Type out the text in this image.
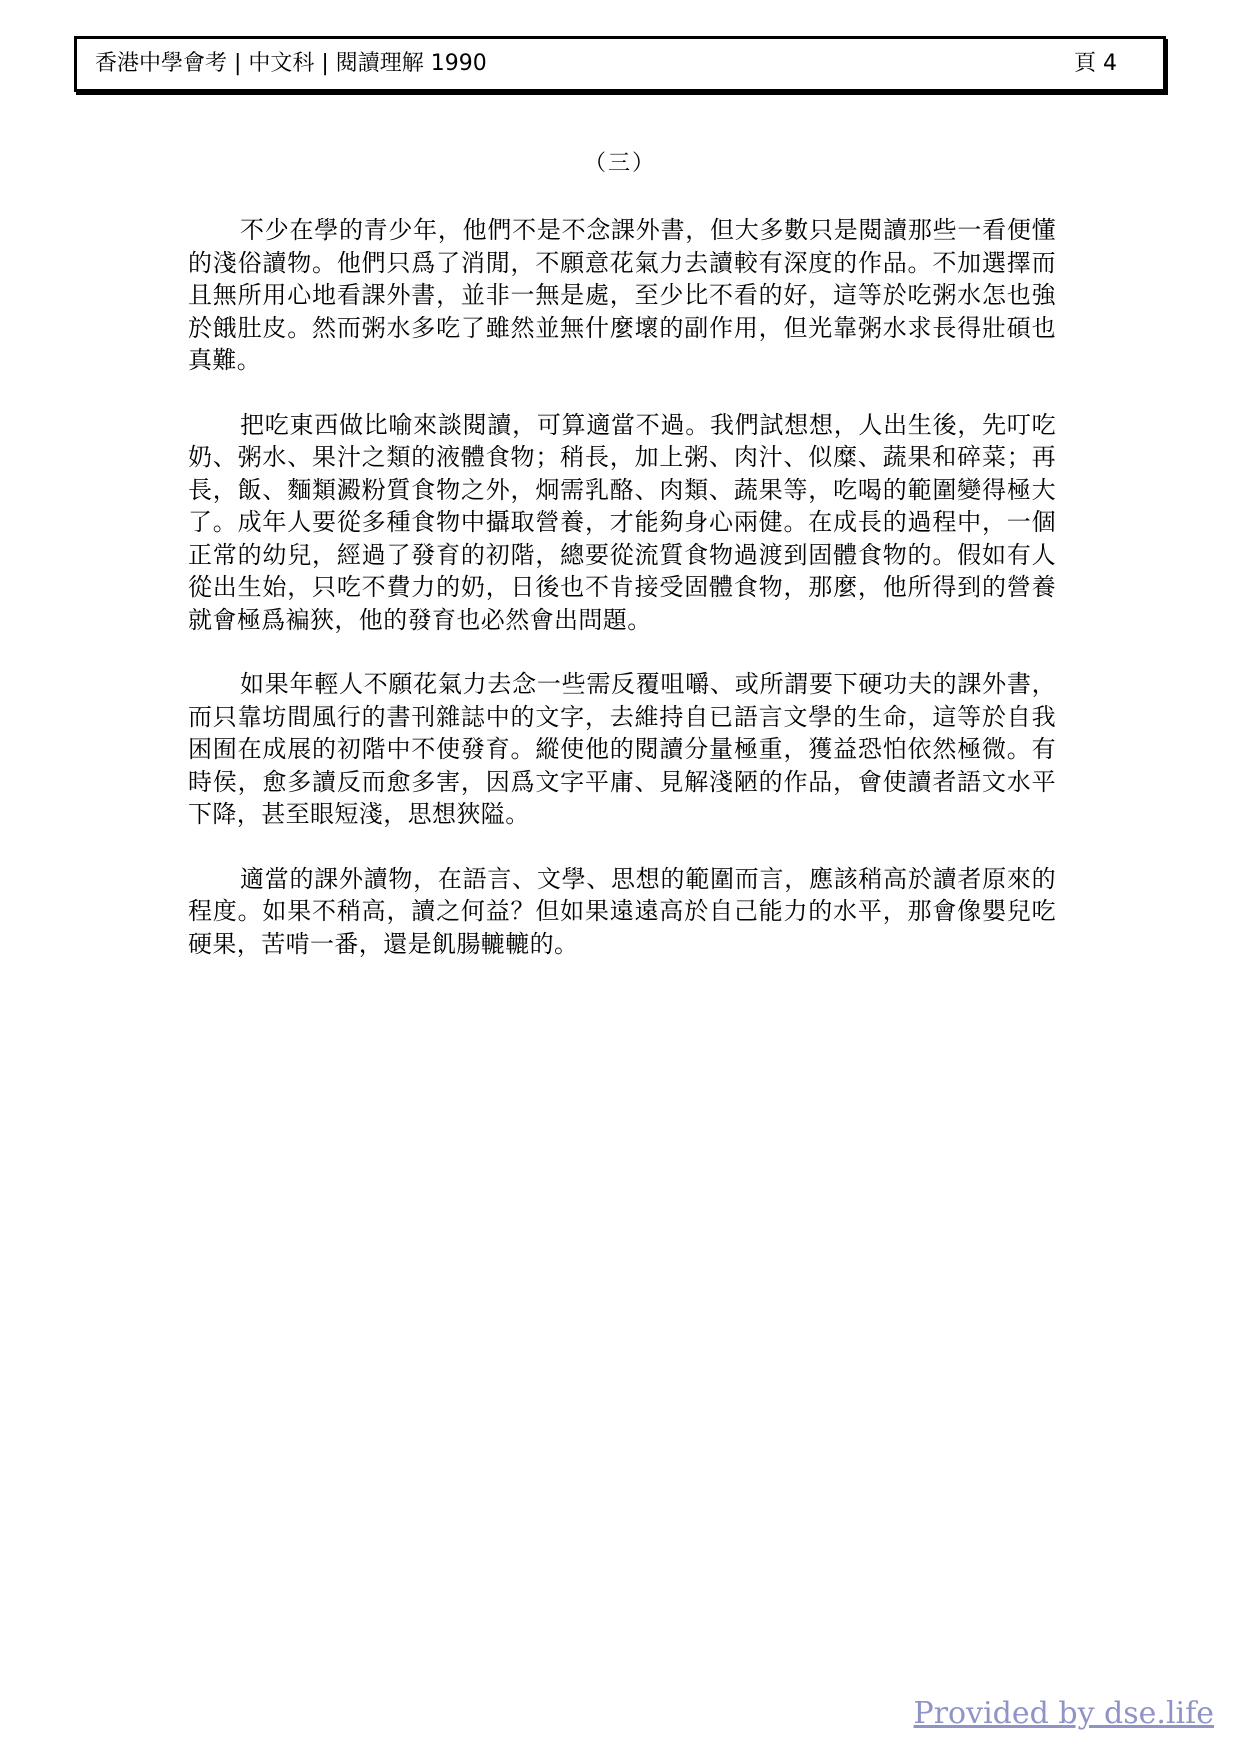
香港中學會考 | 中文科 | 閱讀理解 1990	頁 4
（三）

不少在學的青少年，他們不是不念課外書，但大多數只是閱讀那些一看便懂的淺俗讀物。他們只爲了消閒，不願意花氣力去讀較有深度的作品。不加選擇而且無所用心地看課外書，並非一無是處，至少比不看的好，這等於吃粥水怎也強於餓肚皮。然而粥水多吃了雖然並無什麼壞的副作用，但光靠粥水求長得壯碩也真難。

把吃東西做比喻來談閱讀，可算適當不過。我們試想想，人出生後，先叮吃奶、粥水、果汁之類的液體食物；稍長，加上粥、肉汁、似糜、蔬果和碎菜；再長，飯、麵類澱粉質食物之外，炯需乳酪、肉類、蔬果等，吃喝的範圍變得極大了。成年人要從多種食物中攝取營養，才能夠身心兩健。在成長的過程中，一個正常的幼兒，經過了發育的初階，總要從流質食物過渡到固體食物的。假如有人從出生始，只吃不費力的奶，日後也不肯接受固體食物，那麼，他所得到的營養就會極爲褊狹，他的發育也必然會出問題。

如果年輕人不願花氣力去念一些需反覆咀嚼、或所謂要下硬功夫的課外書，而只靠坊間風行的書刊雜誌中的文字，去維持自已語言文學的生命，這等於自我困囿在成展的初階中不使發育。縱使他的閱讀分量極重，獲益恐怕依然極微。有時侯，愈多讀反而愈多害，因爲文字平庸、見解淺陋的作品，會使讀者語文水平下降，甚至眼短淺，思想狹隘。

適當的課外讀物，在語言、文學、思想的範圍而言，應該稍高於讀者原來的程度。如果不稍高，讀之何益？但如果遠遠高於自己能力的水平，那會像嬰兒吃硬果，苦啃一番，還是飢腸轆轆的。

Provided by dse.life
